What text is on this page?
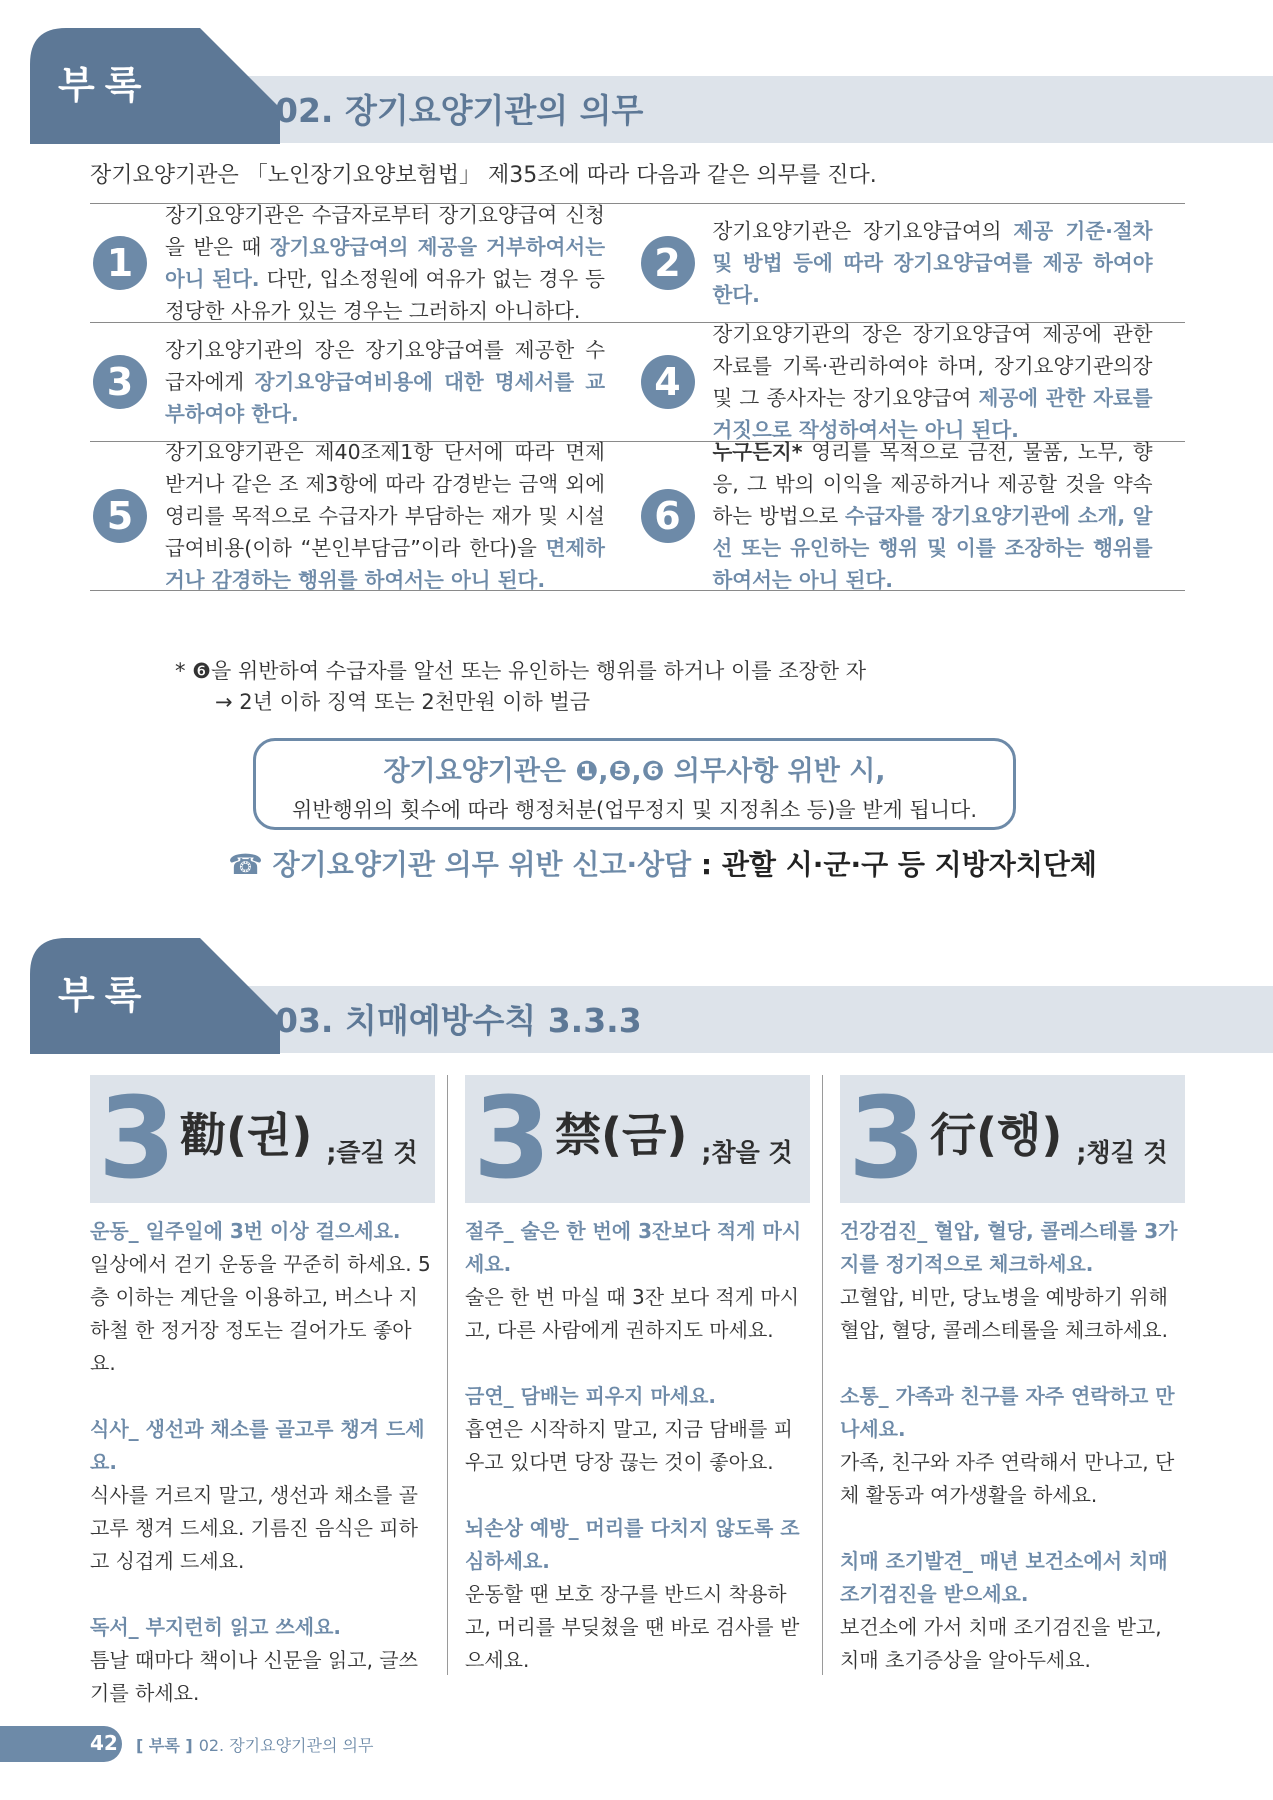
부록
02. 장기요양기관의 의무
장기요양기관은 「노인장기요양보험법」 제35조에 따라 다음과 같은 의무를 진다.
1
장기요양기관은 수급자로부터 장기요양급여 신청을 받은 때 장기요양급여의 제공을 거부하여서는 아니 된다. 다만, 입소정원에 여유가 없는 경우 등 정당한 사유가 있는 경우는 그러하지 아니하다.
2
장기요양기관은 장기요양급여의 제공 기준·절차 및 방법 등에 따라 장기요양급여를 제공 하여야 한다.
3
장기요양기관의 장은 장기요양급여를 제공한 수급자에게 장기요양급여비용에 대한 명세서를 교부하여야 한다.
4
장기요양기관의 장은 장기요양급여 제공에 관한 자료를 기록·관리하여야 하며, 장기요양기관의장 및 그 종사자는 장기요양급여 제공에 관한 자료를 거짓으로 작성하여서는 아니 된다.
5
장기요양기관은 제40조제1항 단서에 따라 면제받거나 같은 조 제3항에 따라 감경받는 금액 외에 영리를 목적으로 수급자가 부담하는 재가 및 시설 급여비용(이하 “본인부담금”이라 한다)을 면제하거나 감경하는 행위를 하여서는 아니 된다.
6
누구든지* 영리를 목적으로 금전, 물품, 노무, 향응, 그 밖의 이익을 제공하거나 제공할 것을 약속하는 방법으로 수급자를 장기요양기관에 소개, 알선 또는 유인하는 행위 및 이를 조장하는 행위를 하여서는 아니 된다.
* ❻을 위반하여 수급자를 알선 또는 유인하는 행위를 하거나 이를 조장한 자
→ 2년 이하 징역 또는 2천만원 이하 벌금
장기요양기관은 ❶,❺,❻ 의무사항 위반 시,
위반행위의 횟수에 따라 행정처분(업무정지 및 지정취소 등)을 받게 됩니다.
☎ 장기요양기관 의무 위반 신고·상담 : 관할 시·군·구 등 지방자치단체
부록
03. 치매예방수칙 3.3.3
3 勸(권) ;즐길 것
운동_ 일주일에 3번 이상 걸으세요.
일상에서 걷기 운동을 꾸준히 하세요. 5층 이하는 계단을 이용하고, 버스나 지하철 한 정거장 정도는 걸어가도 좋아요.
식사_ 생선과 채소를 골고루 챙겨 드세요.
식사를 거르지 말고, 생선과 채소를 골고루 챙겨 드세요. 기름진 음식은 피하고 싱겁게 드세요.
독서_ 부지런히 읽고 쓰세요.
틈날 때마다 책이나 신문을 읽고, 글쓰기를 하세요.
3 禁(금) ;참을 것
절주_ 술은 한 번에 3잔보다 적게 마시세요.
술은 한 번 마실 때 3잔 보다 적게 마시고, 다른 사람에게 권하지도 마세요.
금연_ 담배는 피우지 마세요.
흡연은 시작하지 말고, 지금 담배를 피우고 있다면 당장 끊는 것이 좋아요.
뇌손상 예방_ 머리를 다치지 않도록 조심하세요.
운동할 땐 보호 장구를 반드시 착용하고, 머리를 부딪쳤을 땐 바로 검사를 받으세요.
3 行(행) ;챙길 것
건강검진_ 혈압, 혈당, 콜레스테롤 3가지를 정기적으로 체크하세요.
고혈압, 비만, 당뇨병을 예방하기 위해 혈압, 혈당, 콜레스테롤을 체크하세요.
소통_ 가족과 친구를 자주 연락하고 만나세요.
가족, 친구와 자주 연락해서 만나고, 단체 활동과 여가생활을 하세요.
치매 조기발견_ 매년 보건소에서 치매 조기검진을 받으세요.
보건소에 가서 치매 조기검진을 받고, 치매 초기증상을 알아두세요.
42 [ 부록 ] 02. 장기요양기관의 의무
